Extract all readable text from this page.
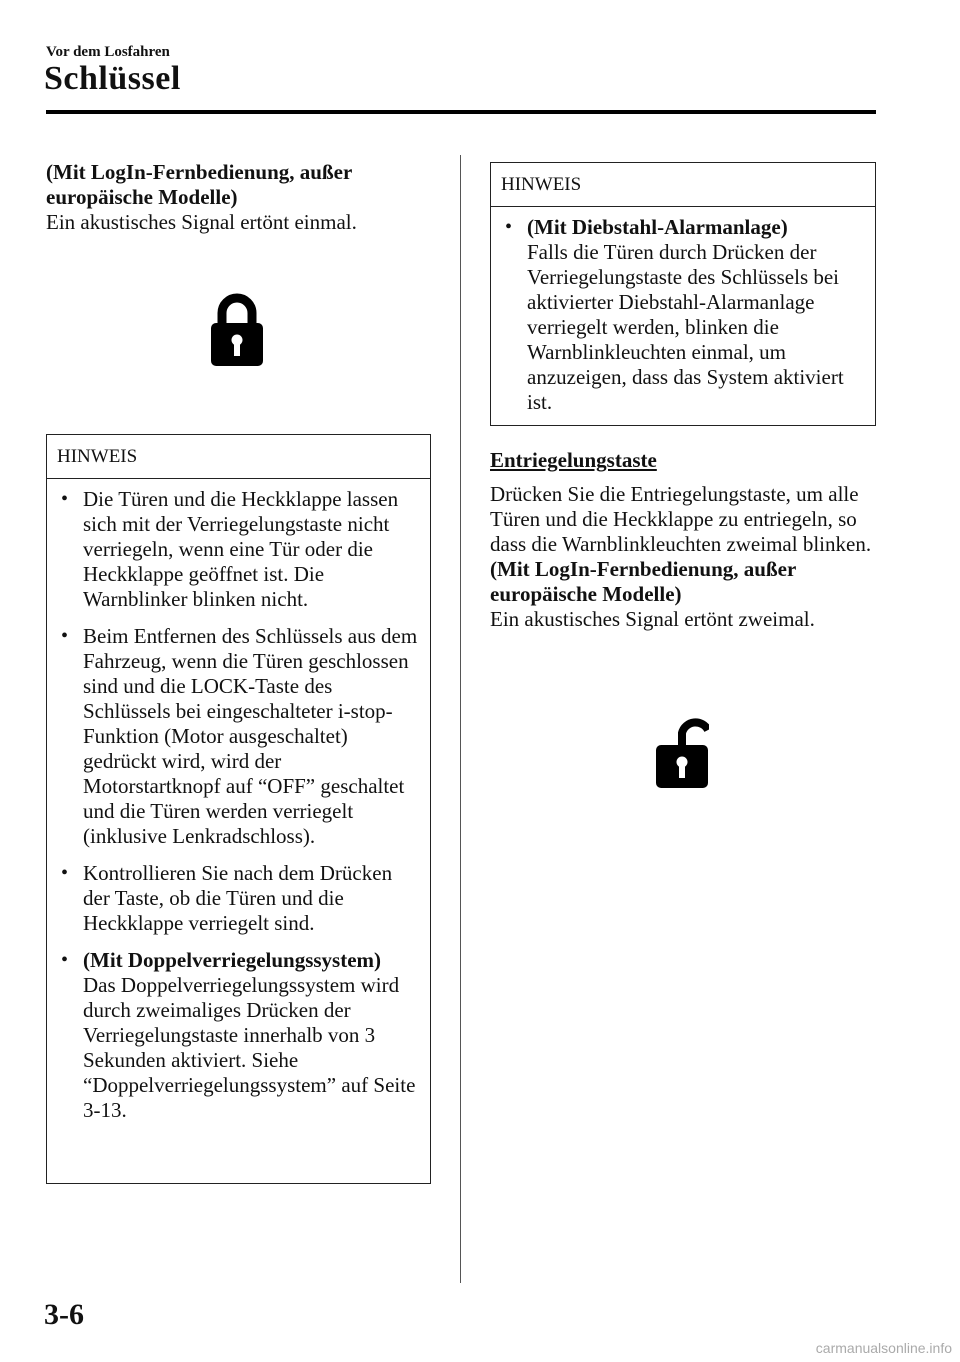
Vor dem Losfahren
Schlüssel

(Mit LogIn-Fernbedienung, außer europäische Modelle)

Ein akustisches Signal ertönt einmal.

HINWEIS
• Die Türen und die Heckklappe lassen sich mit der Verriegelungstaste nicht verriegeln, wenn eine Tür oder die Heckklappe geöffnet ist. Die Warnblinker blinken nicht.
• Beim Entfernen des Schlüssels aus dem Fahrzeug, wenn die Türen geschlossen sind und die LOCK-Taste des Schlüssels bei eingeschalteter i-stop-Funktion (Motor ausgeschaltet) gedrückt wird, wird der Motorstartknopf auf “OFF” geschaltet und die Türen werden verriegelt (inklusive Lenkradschloss).
• Kontrollieren Sie nach dem Drücken der Taste, ob die Türen und die Heckklappe verriegelt sind.
• (Mit Doppelverriegelungssystem)
Das Doppelverriegelungssystem wird durch zweimaliges Drücken der Verriegelungstaste innerhalb von 3 Sekunden aktiviert. Siehe “Doppelverriegelungssystem” auf Seite 3-13.
HINWEIS
• (Mit Diebstahl-Alarmanlage)
Falls die Türen durch Drücken der Verriegelungstaste des Schlüssels bei aktivierter Diebstahl-Alarmanlage verriegelt werden, blinken die Warnblinkleuchten einmal, um anzuzeigen, dass das System aktiviert ist.
Entriegelungstaste

Drücken Sie die Entriegelungstaste, um alle Türen und die Heckklappe zu entriegeln, so dass die Warnblinkleuchten zweimal blinken.

(Mit LogIn-Fernbedienung, außer europäische Modelle)

Ein akustisches Signal ertönt zweimal.

3-6
carmanualsonline.info
